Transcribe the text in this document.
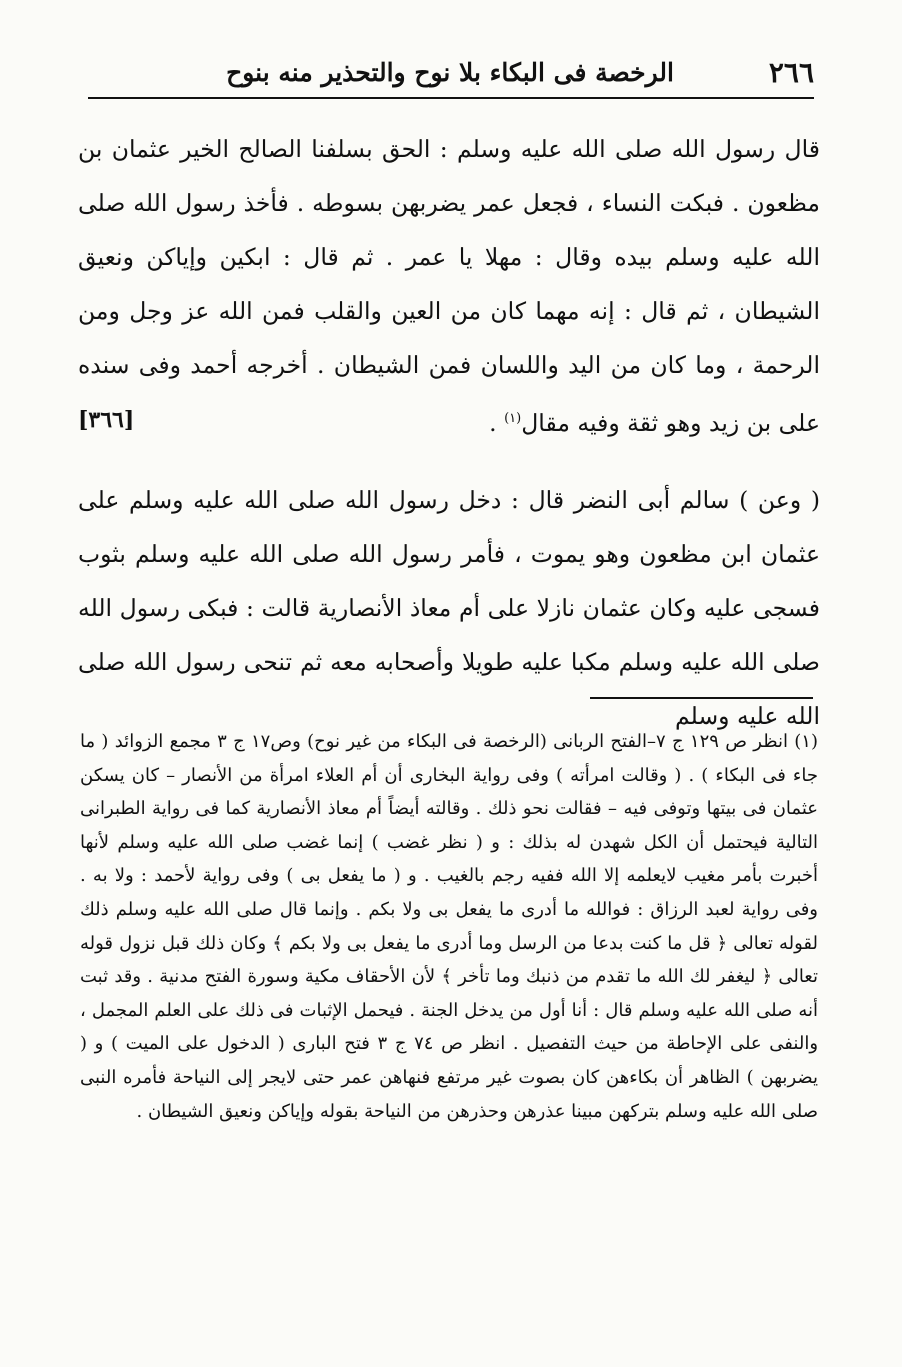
٢٦٦
الرخصة فى البكاء بلا نوح والتحذير منه بنوح

قال رسول الله صلى الله عليه وسلم : الحق بسلفنا الصالح الخير عثمان بن مظعون . فبكت النساء ، فجعل عمر يضربهن بسوطه . فأخذ رسول الله صلى الله عليه وسلم بيده وقال : مهلا يا عمر . ثم قال : ابكين وإياكن ونعيق الشيطان ، ثم قال : إنه مهما كان من العين والقلب فمن الله عز وجل ومن الرحمة ، وما كان من اليد واللسان فمن الشيطان . أخرجه أحمد وفى سنده على بن زيد وهو ثقة وفيه مقال$^{(١)}$ .
[٣٦٦]

( وعن ) سالم أبى النضر قال : دخل رسول الله صلى الله عليه وسلم على عثمان ابن مظعون وهو يموت ، فأمر رسول الله صلى الله عليه وسلم بثوب فسجى عليه وكان عثمان نازلا على أم معاذ الأنصارية قالت : فبكى رسول الله صلى الله عليه وسلم مكبا عليه طويلا وأصحابه معه ثم تنحى رسول الله صلى الله عليه وسلم

(١) انظر ص ١٢٩ ج ٧–الفتح الربانى (الرخصة فى البكاء من غير نوح) وص١٧ ج ٣ مجمع الزوائد ( ما جاء فى البكاء ) . ( وقالت امرأته ) وفى رواية البخارى أن أم العلاء امرأة من الأنصار – كان يسكن عثمان فى بيتها وتوفى فيه – فقالت نحو ذلك . وقالته أيضاً أم معاذ الأنصارية كما فى رواية الطبرانى التالية فيحتمل أن الكل شهدن له بذلك : و ( نظر غضب ) إنما غضب صلى الله عليه وسلم لأنها أخبرت بأمر مغيب لايعلمه إلا الله ففيه رجم بالغيب . و ( ما يفعل بى ) وفى رواية لأحمد : ولا به . وفى رواية لعبد الرزاق : فوالله ما أدرى ما يفعل بى ولا بكم . وإنما قال صلى الله عليه وسلم ذلك لقوله تعالى ﴿ قل ما كنت بدعا من الرسل وما أدرى ما يفعل بى ولا بكم ﴾ وكان ذلك قبل نزول قوله تعالى ﴿ ليغفر لك الله ما تقدم من ذنبك وما تأخر ﴾ لأن الأحقاف مكية وسورة الفتح مدنية . وقد ثبت أنه صلى الله عليه وسلم قال : أنا أول من يدخل الجنة . فيحمل الإثبات فى ذلك على العلم المجمل ، والنفى على الإحاطة من حيث التفصيل . انظر ص ٧٤ ج ٣ فتح البارى ( الدخول على الميت ) و ( يضربهن ) الظاهر أن بكاءهن كان بصوت غير مرتفع فنهاهن عمر حتى لايجر إلى النياحة فأمره النبى صلى الله عليه وسلم بتركهن مبينا عذرهن وحذرهن من النياحة بقوله وإياكن ونعيق الشيطان .
